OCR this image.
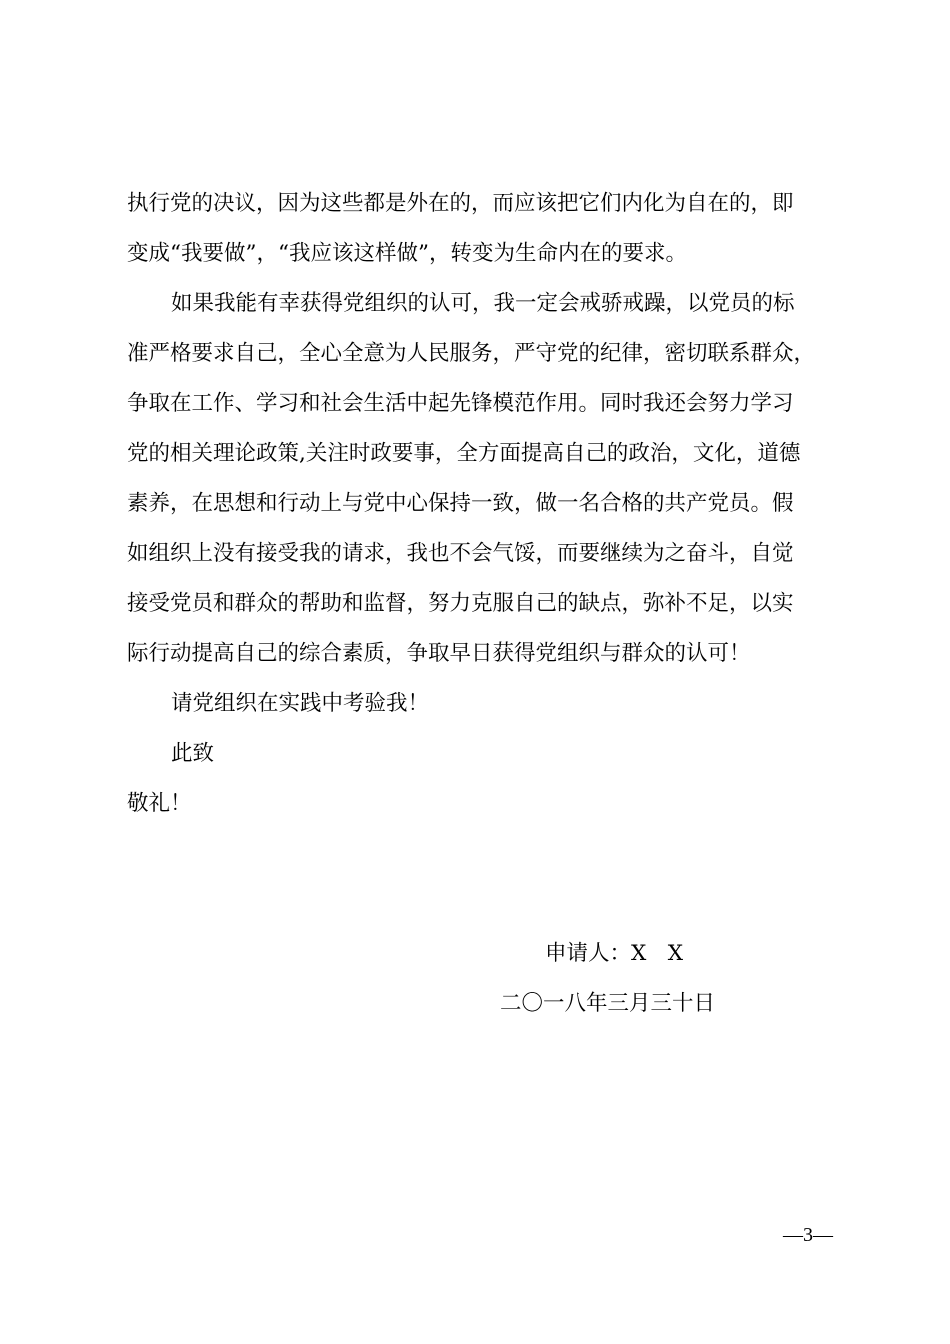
执行党的决议，因为这些都是外在的，而应该把它们内化为自在的，即
变成“我要做”，“我应该这样做”，转变为生命内在的要求。
如果我能有幸获得党组织的认可，我一定会戒骄戒躁，以党员的标
准严格要求自己，全心全意为人民服务，严守党的纪律，密切联系群众，
争取在工作、学习和社会生活中起先锋模范作用。同时我还会努力学习
党的相关理论政策,关注时政要事，全方面提高自己的政治，文化，道德
素养，在思想和行动上与党中心保持一致，做一名合格的共产党员。假
如组织上没有接受我的请求，我也不会气馁，而要继续为之奋斗，自觉
接受党员和群众的帮助和监督，努力克服自己的缺点，弥补不足，以实
际行动提高自己的综合素质，争取早日获得党组织与群众的认可！
请党组织在实践中考验我！
此致
敬礼！
申请人：X　X
二〇一八年三月三十日
—3—
